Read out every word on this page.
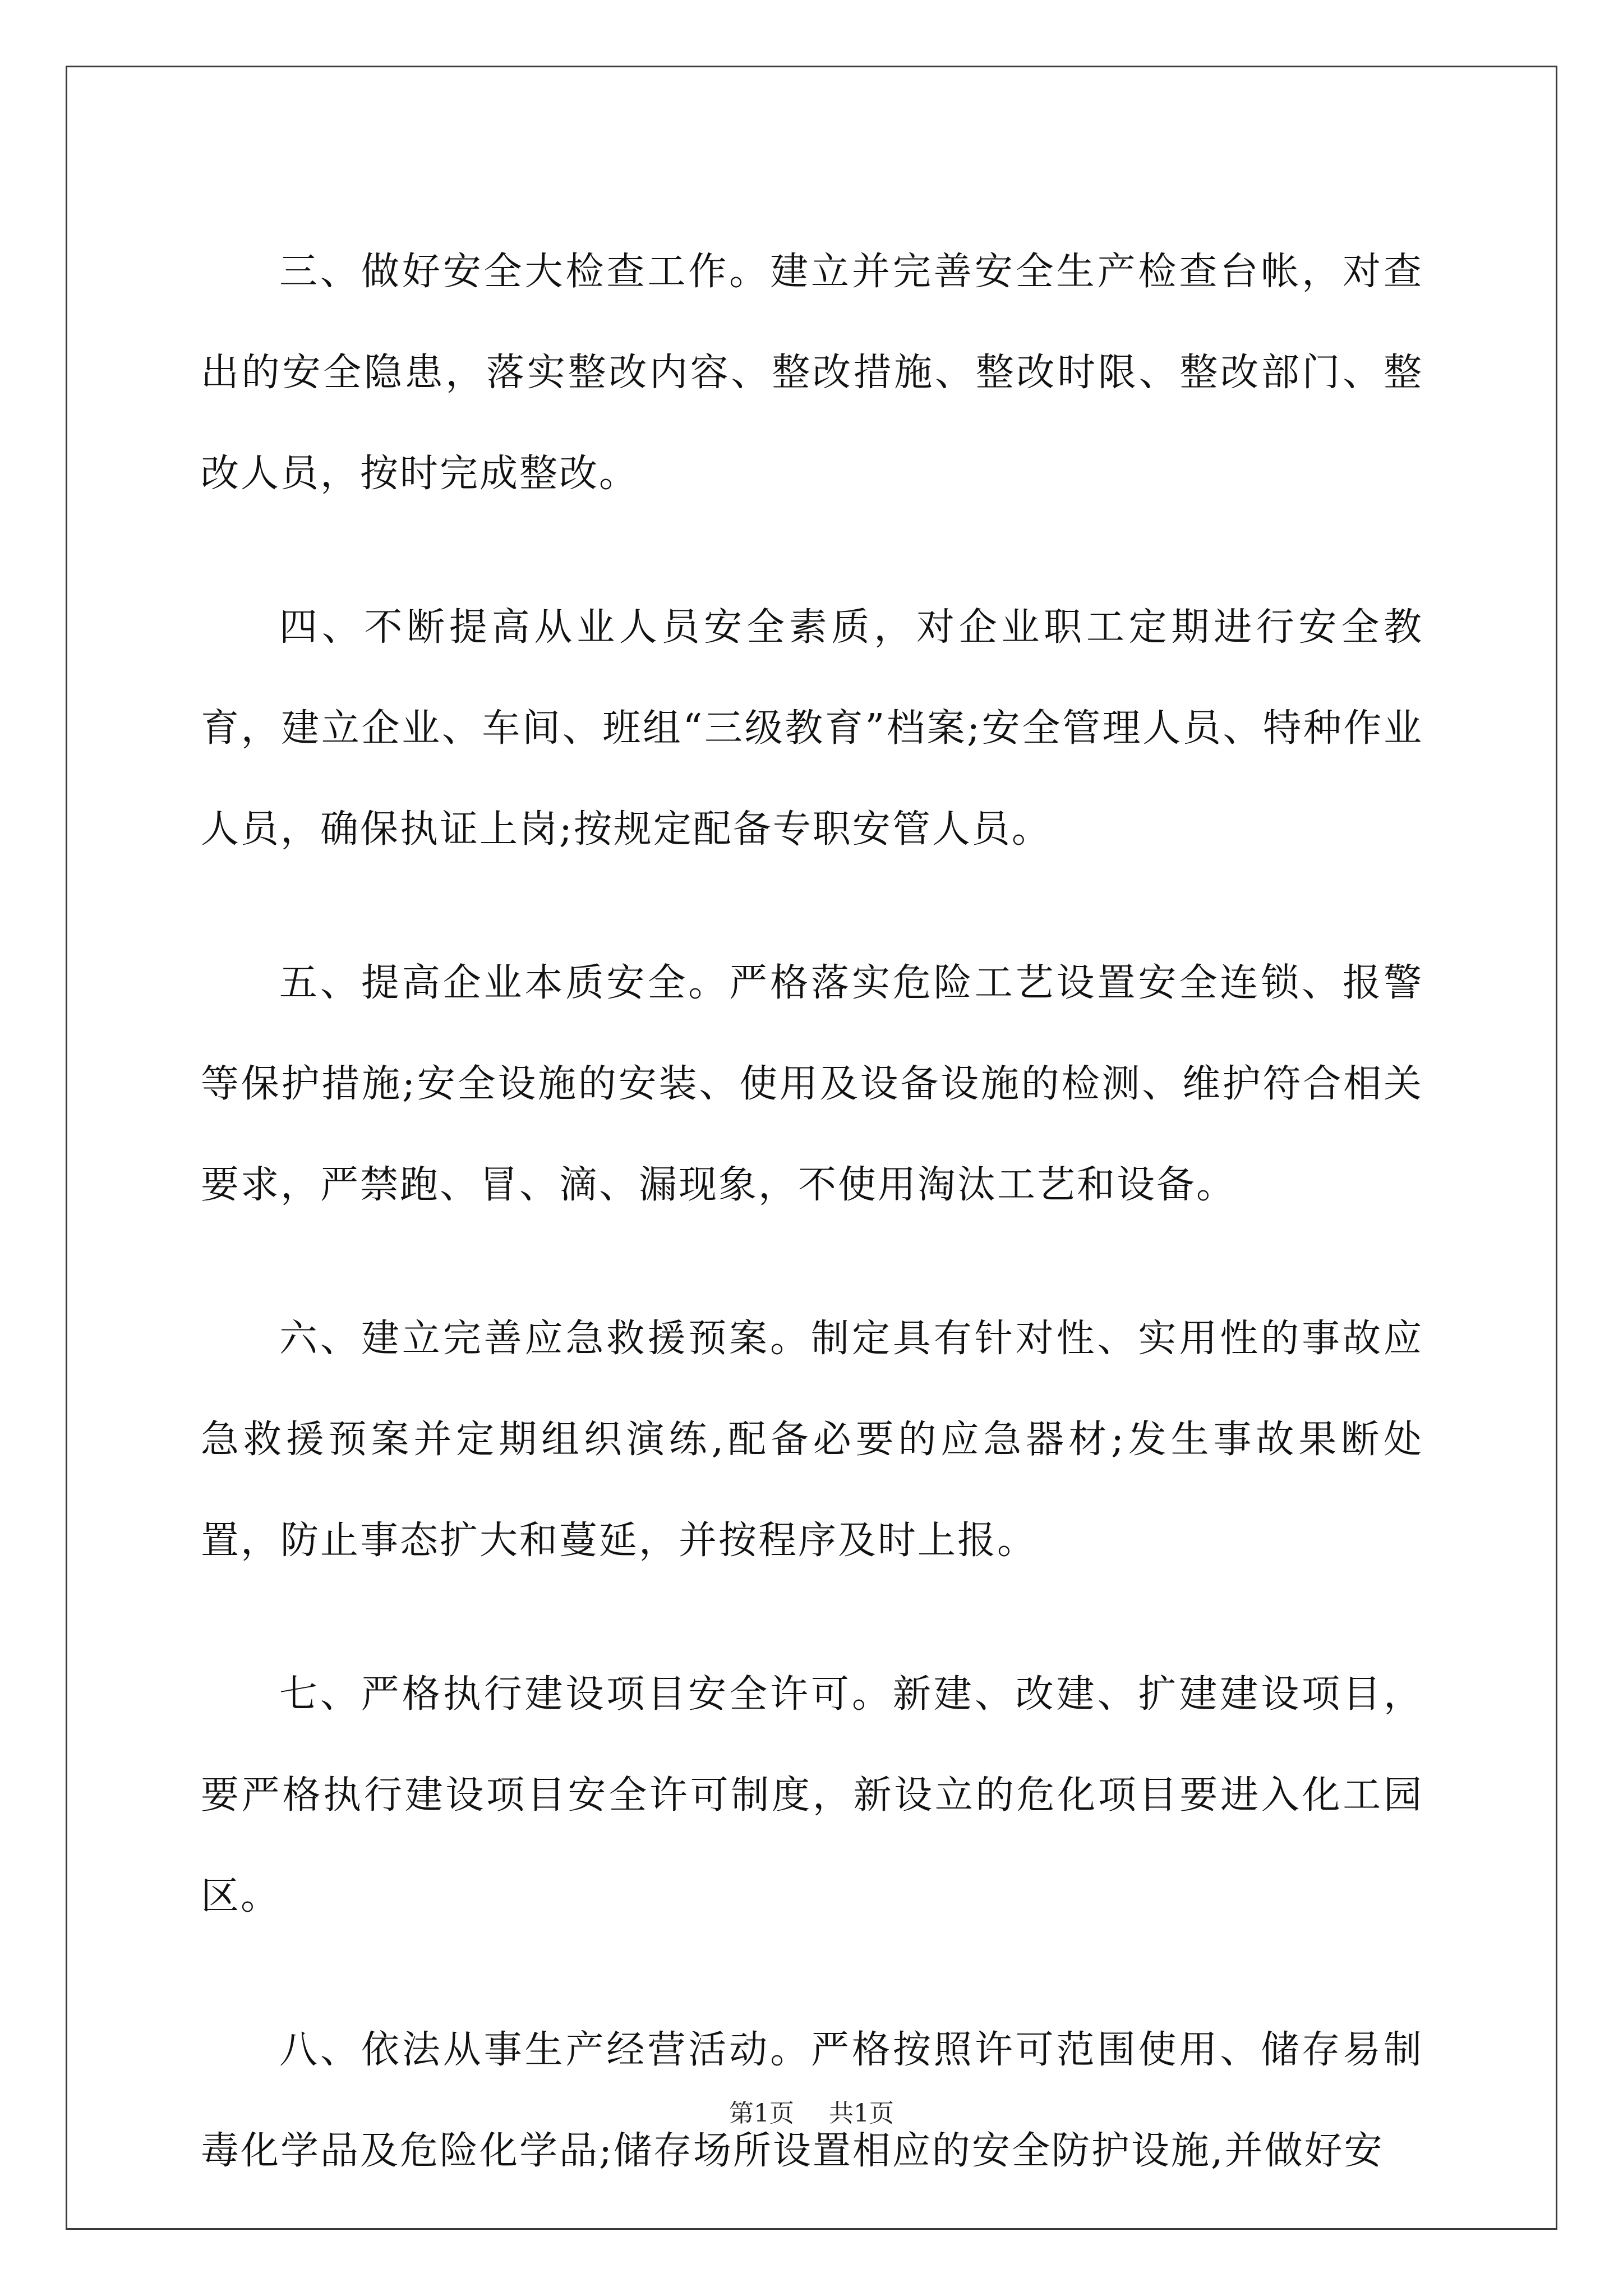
三、做好安全大检查工作。建立并完善安全生产检查台帐，对查出的安全隐患，落实整改内容、整改措施、整改时限、整改部门、整改人员，按时完成整改。

四、不断提高从业人员安全素质，对企业职工定期进行安全教育，建立企业、车间、班组“三级教育”档案;安全管理人员、特种作业人员，确保执证上岗;按规定配备专职安管人员。

五、提高企业本质安全。严格落实危险工艺设置安全连锁、报警等保护措施;安全设施的安装、使用及设备设施的检测、维护符合相关要求，严禁跑、冒、滴、漏现象，不使用淘汰工艺和设备。

六、建立完善应急救援预案。制定具有针对性、实用性的事故应急救援预案并定期组织演练,配备必要的应急器材;发生事故果断处置，防止事态扩大和蔓延，并按程序及时上报。

七、严格执行建设项目安全许可。新建、改建、扩建建设项目，要严格执行建设项目安全许可制度，新设立的危化项目要进入化工园区。

八、依法从事生产经营活动。严格按照许可范围使用、储存易制毒化学品及危险化学品;储存场所设置相应的安全防护设施,并做好安

第1页 共1页
